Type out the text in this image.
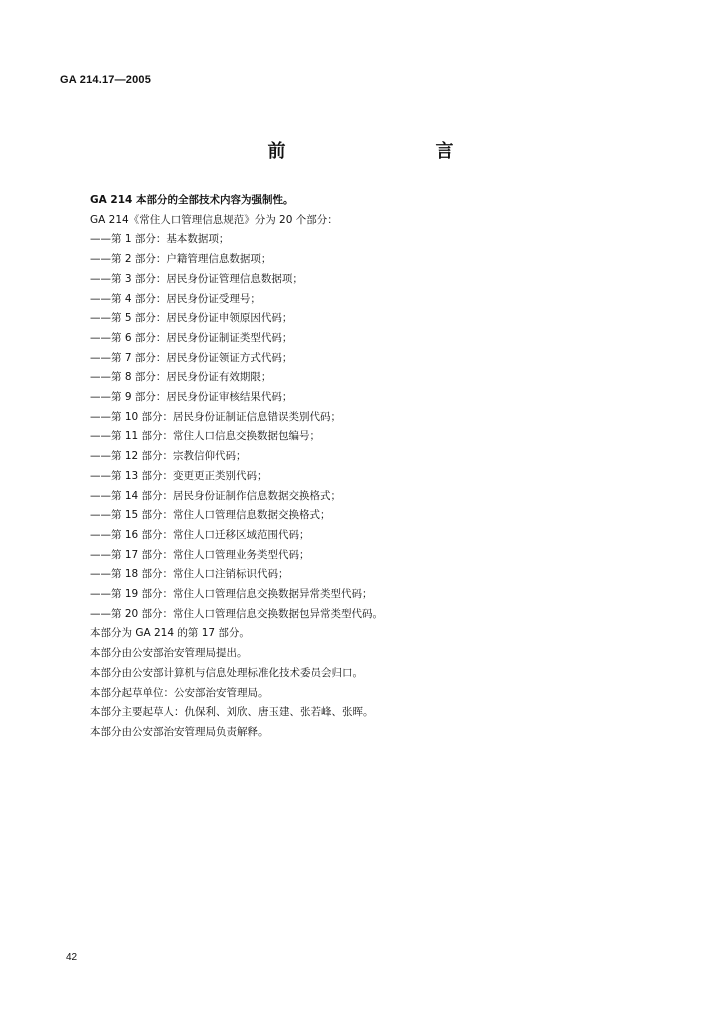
GA 214.17—2005
前　　言
GA 214 本部分的全部技术内容为强制性。
GA 214《常住人口管理信息规范》分为 20 个部分：
——第 1 部分：基本数据项；
——第 2 部分：户籍管理信息数据项；
——第 3 部分：居民身份证管理信息数据项；
——第 4 部分：居民身份证受理号；
——第 5 部分：居民身份证申领原因代码；
——第 6 部分：居民身份证制证类型代码；
——第 7 部分：居民身份证领证方式代码；
——第 8 部分：居民身份证有效期限；
——第 9 部分：居民身份证审核结果代码；
——第 10 部分：居民身份证制证信息错误类别代码；
——第 11 部分：常住人口信息交换数据包编号；
——第 12 部分：宗教信仰代码；
——第 13 部分：变更更正类别代码；
——第 14 部分：居民身份证制作信息数据交换格式；
——第 15 部分：常住人口管理信息数据交换格式；
——第 16 部分：常住人口迁移区域范围代码；
——第 17 部分：常住人口管理业务类型代码；
——第 18 部分：常住人口注销标识代码；
——第 19 部分：常住人口管理信息交换数据异常类型代码；
——第 20 部分：常住人口管理信息交换数据包异常类型代码。
本部分为 GA 214 的第 17 部分。
本部分由公安部治安管理局提出。
本部分由公安部计算机与信息处理标准化技术委员会归口。
本部分起草单位：公安部治安管理局。
本部分主要起草人：仇保利、刘欣、唐玉建、张若峰、张晖。
本部分由公安部治安管理局负责解释。
42
